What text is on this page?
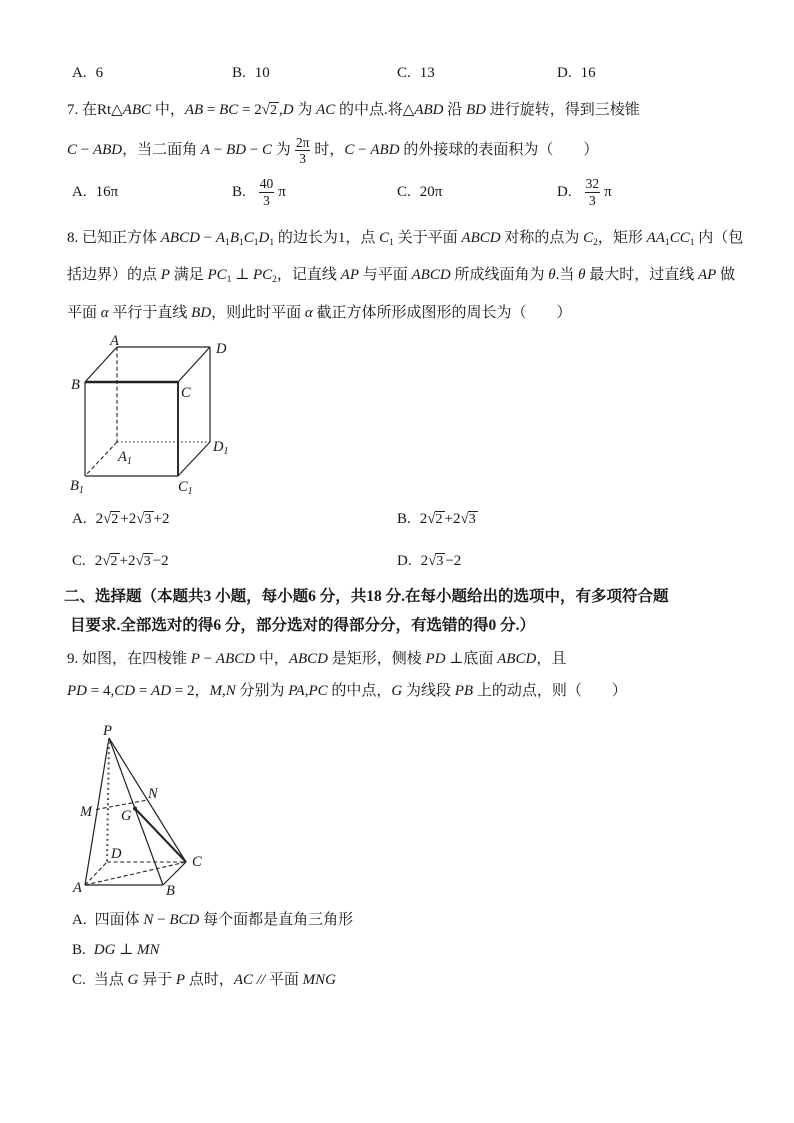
A. 6	B. 10	C. 13	D. 16
7. 在Rt△ABC 中，AB = BC = 2√2 ,D 为 AC 的中点.将△ABD 沿 BD 进行旋转，得到三棱锥
C − ABD，当二面角 A − BD − C 为 $\frac{2\pi}{3}$ 时，C − ABD 的外接球的表面积为（　　）
A. 16π	B. $\frac{40}{3}$ π	C. 20π	D. $\frac{32}{3}$ π
8. 已知正方体 ABCD − $A_1B_1C_1D_1$ 的边长为1，点 $C_1$ 关于平面 ABCD 对称的点为 $C_2$，矩形 $AA_1CC_1$ 内（包
括边界）的点 P 满足 $PC_1$ ⊥ $PC_2$，记直线 AP 与平面 ABCD 所成线面角为 θ.当 θ 最大时，过直线 AP 做
平面 α 平行于直线 BD，则此时平面 α 截正方体所形成图形的周长为（　　）
A	D
B	C
$A_1$
$D_1$
$B_1$	$C_1$
A. 2√2 +2√3 +2	B. 2√2 +2√3
C. 2√2 +2√3 −2	D. 2√3 −2
二、选择题（本题共3 小题，每小题6 分，共18 分.在每小题给出的选项中，有多项符合题
目要求.全部选对的得6 分，部分选对的得部分分，有选错的得0 分.）
9. 如图，在四棱锥 P − ABCD 中，ABCD 是矩形，侧棱 PD ⊥底面 ABCD，且
PD = 4,CD = AD = 2，M,N 分别为 PA,PC 的中点，G 为线段 PB 上的动点，则（　　）
P
M
N
G
D
A	B
C
A. 四面体 N − BCD 每个面都是直角三角形
B. DG ⊥ MN
C. 当点 G 异于 P 点时，AC // 平面 MNG
